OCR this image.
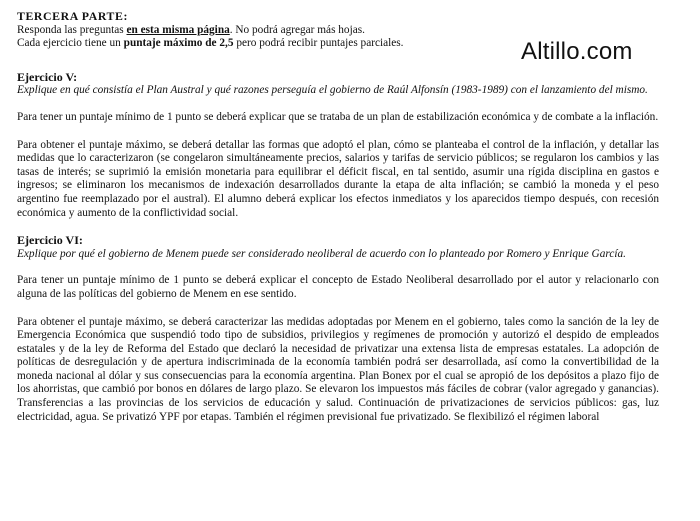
Altillo.com
TERCERA PARTE:

Responda las preguntas en esta misma página. No podrá agregar más hojas.

Cada ejercicio tiene un puntaje máximo de 2,5 pero podrá recibir puntajes parciales.

Ejercicio V:

Explique en qué consistía el Plan Austral y qué razones perseguía el gobierno de Raúl Alfonsín (1983-1989) con el lanzamiento del mismo.

Para tener un puntaje mínimo de 1 punto se deberá explicar que se trataba de un plan de estabilización económica y de combate a la inflación.

Para obtener el puntaje máximo, se deberá detallar las formas que adoptó el plan, cómo se planteaba el control de la inflación, y detallar las medidas que lo caracterizaron (se congelaron simultáneamente precios, salarios y tarifas de servicio públicos; se regularon los cambios y las tasas de interés; se suprimió la emisión monetaria para equilibrar el déficit fiscal, en tal sentido, asumir una rígida disciplina en gastos e ingresos; se eliminaron los mecanismos de indexación desarrollados durante la etapa de alta inflación; se cambió la moneda y el peso argentino fue reemplazado por el austral). El alumno deberá explicar los efectos inmediatos y los aparecidos tiempo después, con recesión económica y aumento de la conflictividad social.

Ejercicio VI:

Explique por qué el gobierno de Menem puede ser considerado neoliberal de acuerdo con lo planteado por Romero y Enrique García.

Para tener un puntaje mínimo de 1 punto se deberá explicar el concepto de Estado Neoliberal desarrollado por el autor y relacionarlo con alguna de las políticas del gobierno de Menem en ese sentido.

Para obtener el puntaje máximo, se deberá caracterizar las medidas adoptadas por Menem en el gobierno, tales como la sanción de la ley de Emergencia Económica que suspendió todo tipo de subsidios, privilegios y regímenes de promoción y autorizó el despido de empleados estatales y de la ley de Reforma del Estado que declaró la necesidad de privatizar una extensa lista de empresas estatales. La adopción de políticas de desregulación y de apertura indiscriminada de la economía también podrá ser desarrollada, así como la convertibilidad de la moneda nacional al dólar y sus consecuencias para la economía argentina. Plan Bonex por el cual se apropió de los depósitos a plazo fijo de los ahorristas, que cambió por bonos en dólares de largo plazo. Se elevaron los impuestos más fáciles de cobrar (valor agregado y ganancias). Transferencias a las provincias de los servicios de educación y salud. Continuación de privatizaciones de servicios públicos: gas, luz electricidad, agua. Se privatizó YPF por etapas. También el régimen previsional fue privatizado. Se flexibilizó el régimen laboral
